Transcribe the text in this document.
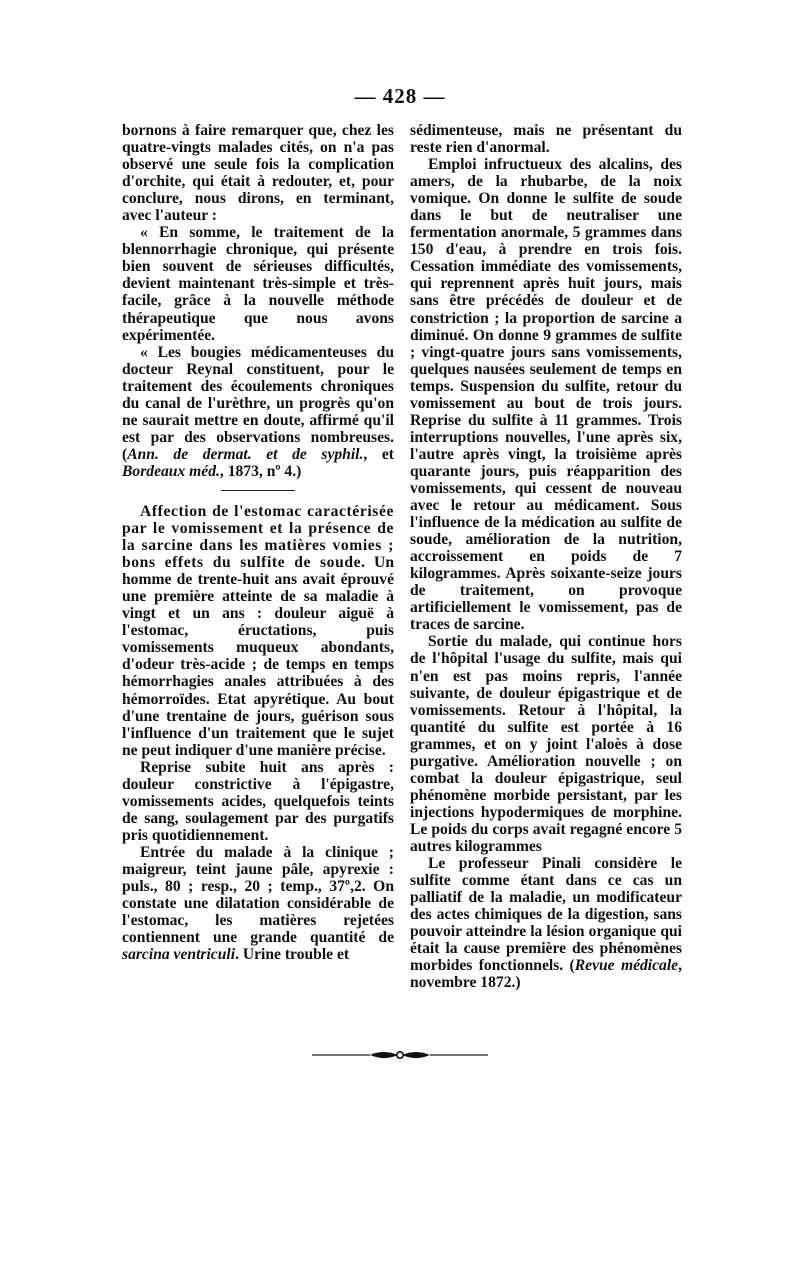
— 428 —

bornons à faire remarquer que, chez les quatre-vingts malades cités, on n'a pas observé une seule fois la complication d'orchite, qui était à redouter, et, pour conclure, nous dirons, en terminant, avec l'auteur :

« En somme, le traitement de la blennorrhagie chronique, qui présente bien souvent de sérieuses difficultés, devient maintenant très-simple et très-facile, grâce à la nouvelle méthode thérapeutique que nous avons expérimentée.

« Les bougies médicamenteuses du docteur Reynal constituent, pour le traitement des écoulements chroniques du canal de l'urèthre, un progrès qu'on ne saurait mettre en doute, affirmé qu'il est par des observations nombreuses. (Ann. de dermat. et de syphil., et Bordeaux méd., 1873, nº 4.)

Affection de l'estomac caractérisée par le vomissement et la présence de la sarcine dans les matières vomies ; bons effets du sulfite de soude. Un homme de trente-huit ans avait éprouvé une première atteinte de sa maladie à vingt et un ans : douleur aiguë à l'estomac, éructations, puis vomissements muqueux abondants, d'odeur très-acide ; de temps en temps hémorrhagies anales attribuées à des hémorroïdes. Etat apyrétique. Au bout d'une trentaine de jours, guérison sous l'influence d'un traitement que le sujet ne peut indiquer d'une manière précise.

Reprise subite huit ans après : douleur constrictive à l'épigastre, vomissements acides, quelquefois teints de sang, soulagement par des purgatifs pris quotidiennement.

Entrée du malade à la clinique ; maigreur, teint jaune pâle, apyrexie : puls., 80 ; resp., 20 ; temp., 37º,2. On constate une dilatation considérable de l'estomac, les matières rejetées contiennent une grande quantité de sarcina ventriculi. Urine trouble et

sédimenteuse, mais ne présentant du reste rien d'anormal.

Emploi infructueux des alcalins, des amers, de la rhubarbe, de la noix vomique. On donne le sulfite de soude dans le but de neutraliser une fermentation anormale, 5 grammes dans 150 d'eau, à prendre en trois fois. Cessation immédiate des vomissements, qui reprennent après huit jours, mais sans être précédés de douleur et de constriction ; la proportion de sarcine a diminué. On donne 9 grammes de sulfite ; vingt-quatre jours sans vomissements, quelques nausées seulement de temps en temps. Suspension du sulfite, retour du vomissement au bout de trois jours. Reprise du sulfite à 11 grammes. Trois interruptions nouvelles, l'une après six, l'autre après vingt, la troisième après quarante jours, puis réapparition des vomissements, qui cessent de nouveau avec le retour au médicament. Sous l'influence de la médication au sulfite de soude, amélioration de la nutrition, accroissement en poids de 7 kilogrammes. Après soixante-seize jours de traitement, on provoque artificiellement le vomissement, pas de traces de sarcine.

Sortie du malade, qui continue hors de l'hôpital l'usage du sulfite, mais qui n'en est pas moins repris, l'année suivante, de douleur épigastrique et de vomissements. Retour à l'hôpital, la quantité du sulfite est portée à 16 grammes, et on y joint l'aloès à dose purgative. Amélioration nouvelle ; on combat la douleur épigastrique, seul phénomène morbide persistant, par les injections hypodermiques de morphine. Le poids du corps avait regagné encore 5 autres kilogrammes

Le professeur Pinali considère le sulfite comme étant dans ce cas un palliatif de la maladie, un modificateur des actes chimiques de la digestion, sans pouvoir atteindre la lésion organique qui était la cause première des phénomènes morbides fonctionnels. (Revue médicale, novembre 1872.)
